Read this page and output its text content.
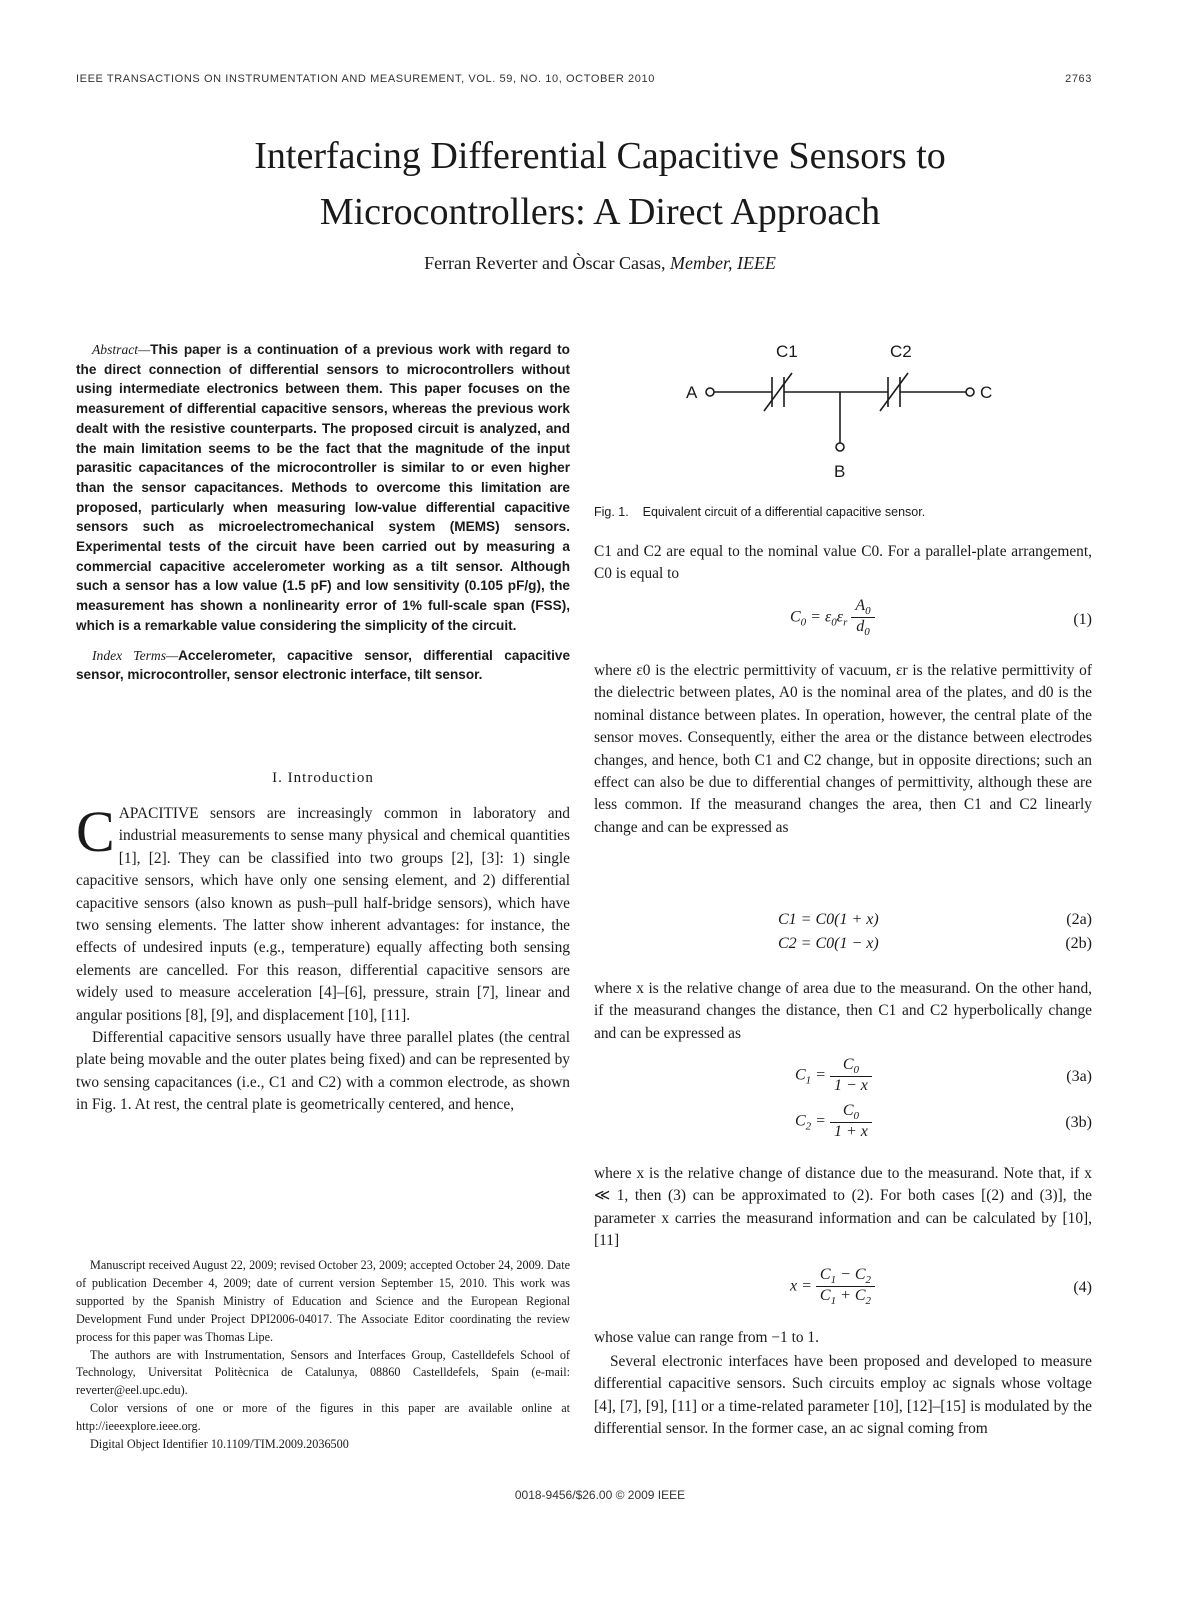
IEEE TRANSACTIONS ON INSTRUMENTATION AND MEASUREMENT, VOL. 59, NO. 10, OCTOBER 2010	2763
Interfacing Differential Capacitive Sensors to
Microcontrollers: A Direct Approach
Ferran Reverter and Òscar Casas, Member, IEEE

Abstract—This paper is a continuation of a previous work with regard to the direct connection of differential sensors to microcontrollers without using intermediate electronics between them. This paper focuses on the measurement of differential capacitive sensors, whereas the previous work dealt with the resistive counterparts. The proposed circuit is analyzed, and the main limitation seems to be the fact that the magnitude of the input parasitic capacitances of the microcontroller is similar to or even higher than the sensor capacitances. Methods to overcome this limitation are proposed, particularly when measuring low-value differential capacitive sensors such as microelectromechanical system (MEMS) sensors. Experimental tests of the circuit have been carried out by measuring a commercial capacitive accelerometer working as a tilt sensor. Although such a sensor has a low value (1.5 pF) and low sensitivity (0.105 pF/g), the measurement has shown a nonlinearity error of 1% full-scale span (FSS), which is a remarkable value considering the simplicity of the circuit.

Index Terms—Accelerometer, capacitive sensor, differential capacitive sensor, microcontroller, sensor electronic interface, tilt sensor.

I. Introduction

CAPACITIVE sensors are increasingly common in laboratory and industrial measurements to sense many physical and chemical quantities [1], [2]. They can be classified into two groups [2], [3]: 1) single capacitive sensors, which have only one sensing element, and 2) differential capacitive sensors (also known as push–pull half-bridge sensors), which have two sensing elements. The latter show inherent advantages: for instance, the effects of undesired inputs (e.g., temperature) equally affecting both sensing elements are cancelled. For this reason, differential capacitive sensors are widely used to measure acceleration [4]–[6], pressure, strain [7], linear and angular positions [8], [9], and displacement [10], [11].

Differential capacitive sensors usually have three parallel plates (the central plate being movable and the outer plates being fixed) and can be represented by two sensing capacitances (i.e., C1 and C2) with a common electrode, as shown in Fig. 1. At rest, the central plate is geometrically centered, and hence,

Manuscript received August 22, 2009; revised October 23, 2009; accepted October 24, 2009. Date of publication December 4, 2009; date of current version September 15, 2010. This work was supported by the Spanish Ministry of Education and Science and the European Regional Development Fund under Project DPI2006-04017. The Associate Editor coordinating the review process for this paper was Thomas Lipe.

The authors are with Instrumentation, Sensors and Interfaces Group, Castelldefels School of Technology, Universitat Politècnica de Catalunya, 08860 Castelldefels, Spain (e-mail: reverter@eel.upc.edu).

Color versions of one or more of the figures in this paper are available online at http://ieeexplore.ieee.org.

Digital Object Identifier 10.1109/TIM.2009.2036500

C1	C2
A
B
C
Fig. 1.    Equivalent circuit of a differential capacitive sensor.
C1 and C2 are equal to the nominal value C0. For a parallel-plate arrangement, C0 is equal to
$C_0 = \varepsilon_0\varepsilon_r \frac{A_0}{d_0}$	(1)
where ε0 is the electric permittivity of vacuum, εr is the relative permittivity of the dielectric between plates, A0 is the nominal area of the plates, and d0 is the nominal distance between plates. In operation, however, the central plate of the sensor moves. Consequently, either the area or the distance between electrodes changes, and hence, both C1 and C2 change, but in opposite directions; such an effect can also be due to differential changes of permittivity, although these are less common. If the measurand changes the area, then C1 and C2 linearly change and can be expressed as
C1 = C0(1 + x)	(2a)
C2 = C0(1 − x)	(2b)
where x is the relative change of area due to the measurand. On the other hand, if the measurand changes the distance, then C1 and C2 hyperbolically change and can be expressed as
$C_1 = \frac{C_0}{1 - x}$	(3a)
$C_2 = \frac{C_0}{1 + x}$	(3b)
where x is the relative change of distance due to the measurand. Note that, if x ≪ 1, then (3) can be approximated to (2). For both cases [(2) and (3)], the parameter x carries the measurand information and can be calculated by [10], [11]
$x = \frac{C_1 - C_2}{C_1 + C_2}$	(4)
whose value can range from −1 to 1.
Several electronic interfaces have been proposed and developed to measure differential capacitive sensors. Such circuits employ ac signals whose voltage [4], [7], [9], [11] or a time-related parameter [10], [12]–[15] is modulated by the differential sensor. In the former case, an ac signal coming from
0018-9456/$26.00 © 2009 IEEE
